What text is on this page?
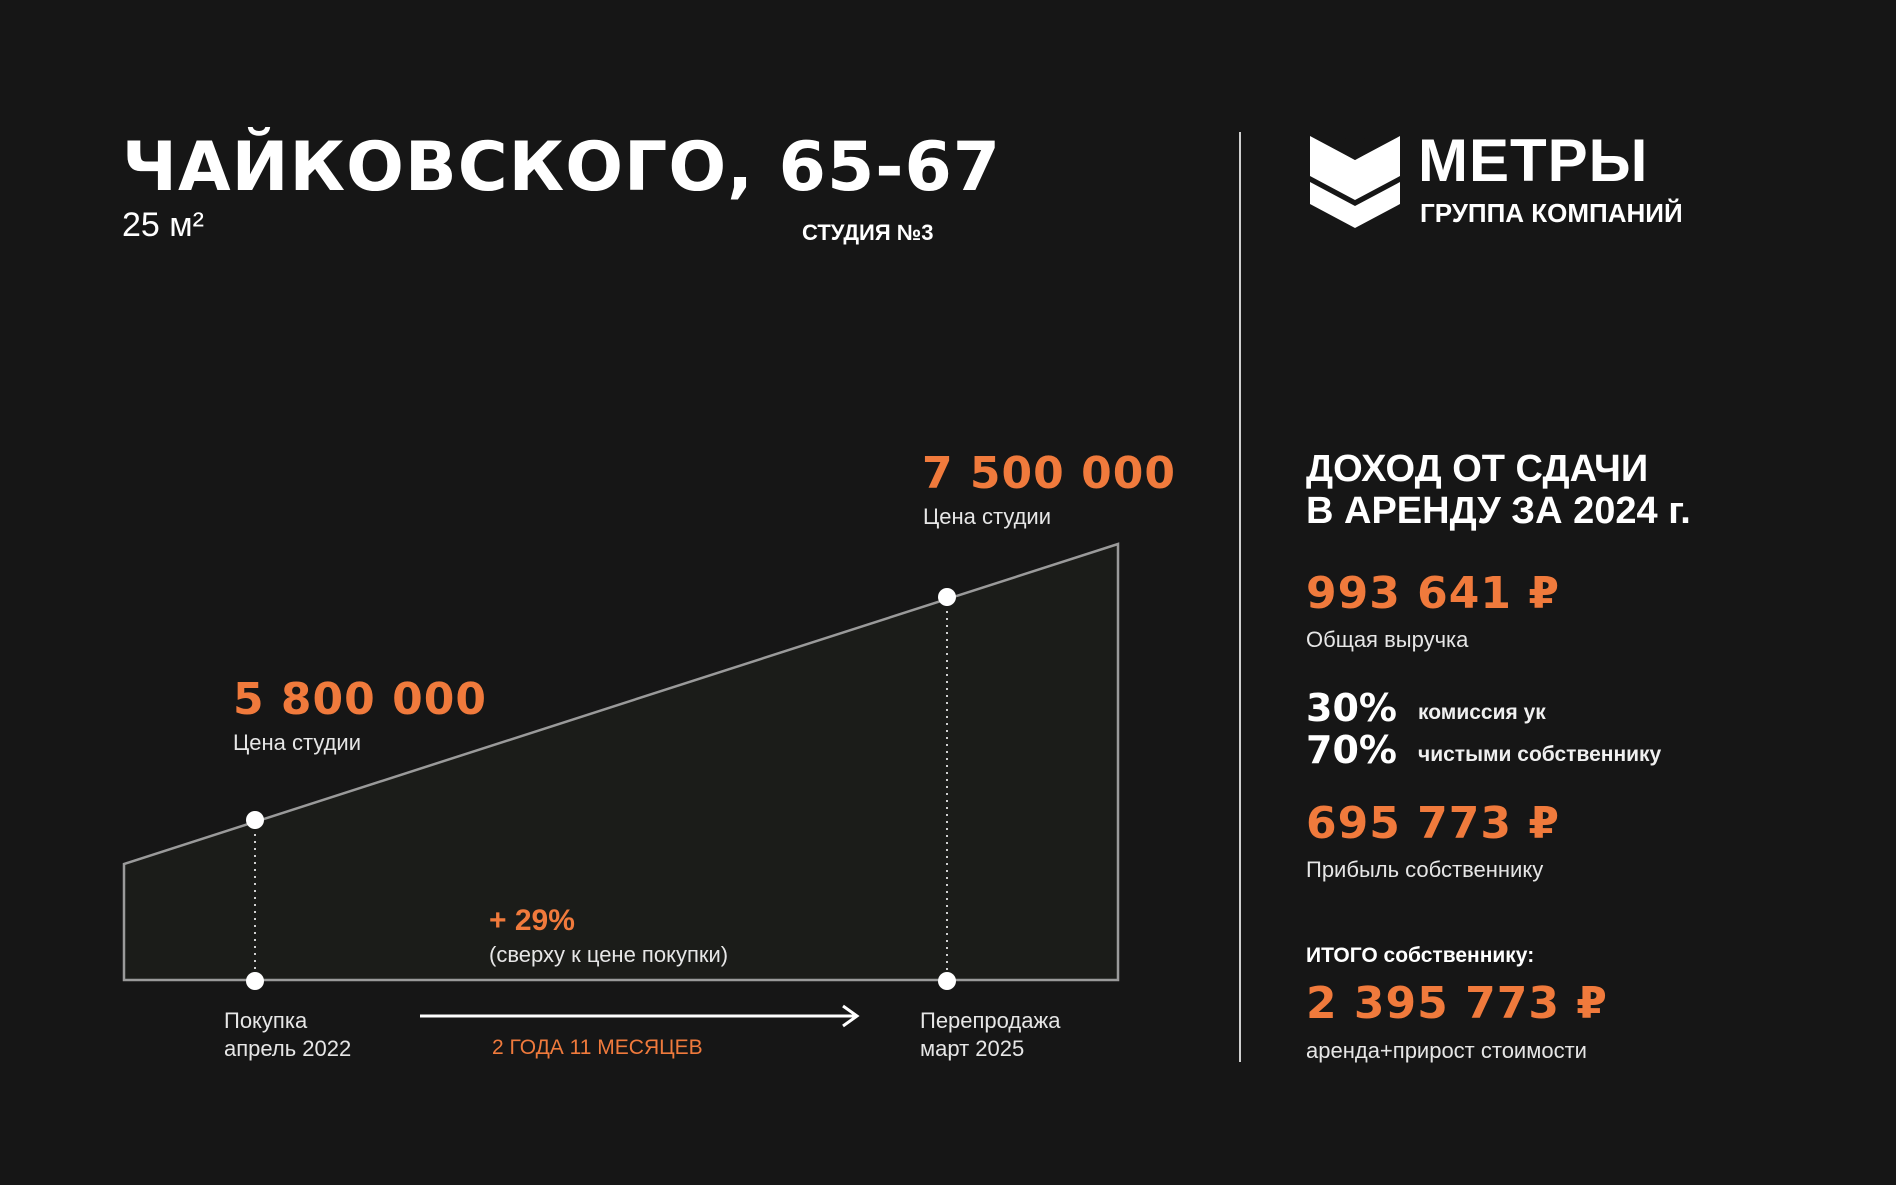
ЧАЙКОВСКОГО, 65-67
25 м²	СТУДИЯ №3
МЕТРЫ
ГРУППА КОМПАНИЙ
5 800 000
Цена студии
7 500 000
Цена студии
+ 29%
(сверху к цене покупки)
Покупка
апрель 2022
Перепродажа
март 2025
2 ГОДА 11 МЕСЯЦЕВ
ДОХОД ОТ СДАЧИ
В АРЕНДУ ЗА 2024 г.
993 641 ₽
Общая выручка
30% комиссия ук
70% чистыми собственнику
695 773 ₽
Прибыль собственнику
ИТОГО собственнику:
2 395 773 ₽
аренда+прирост стоимости
